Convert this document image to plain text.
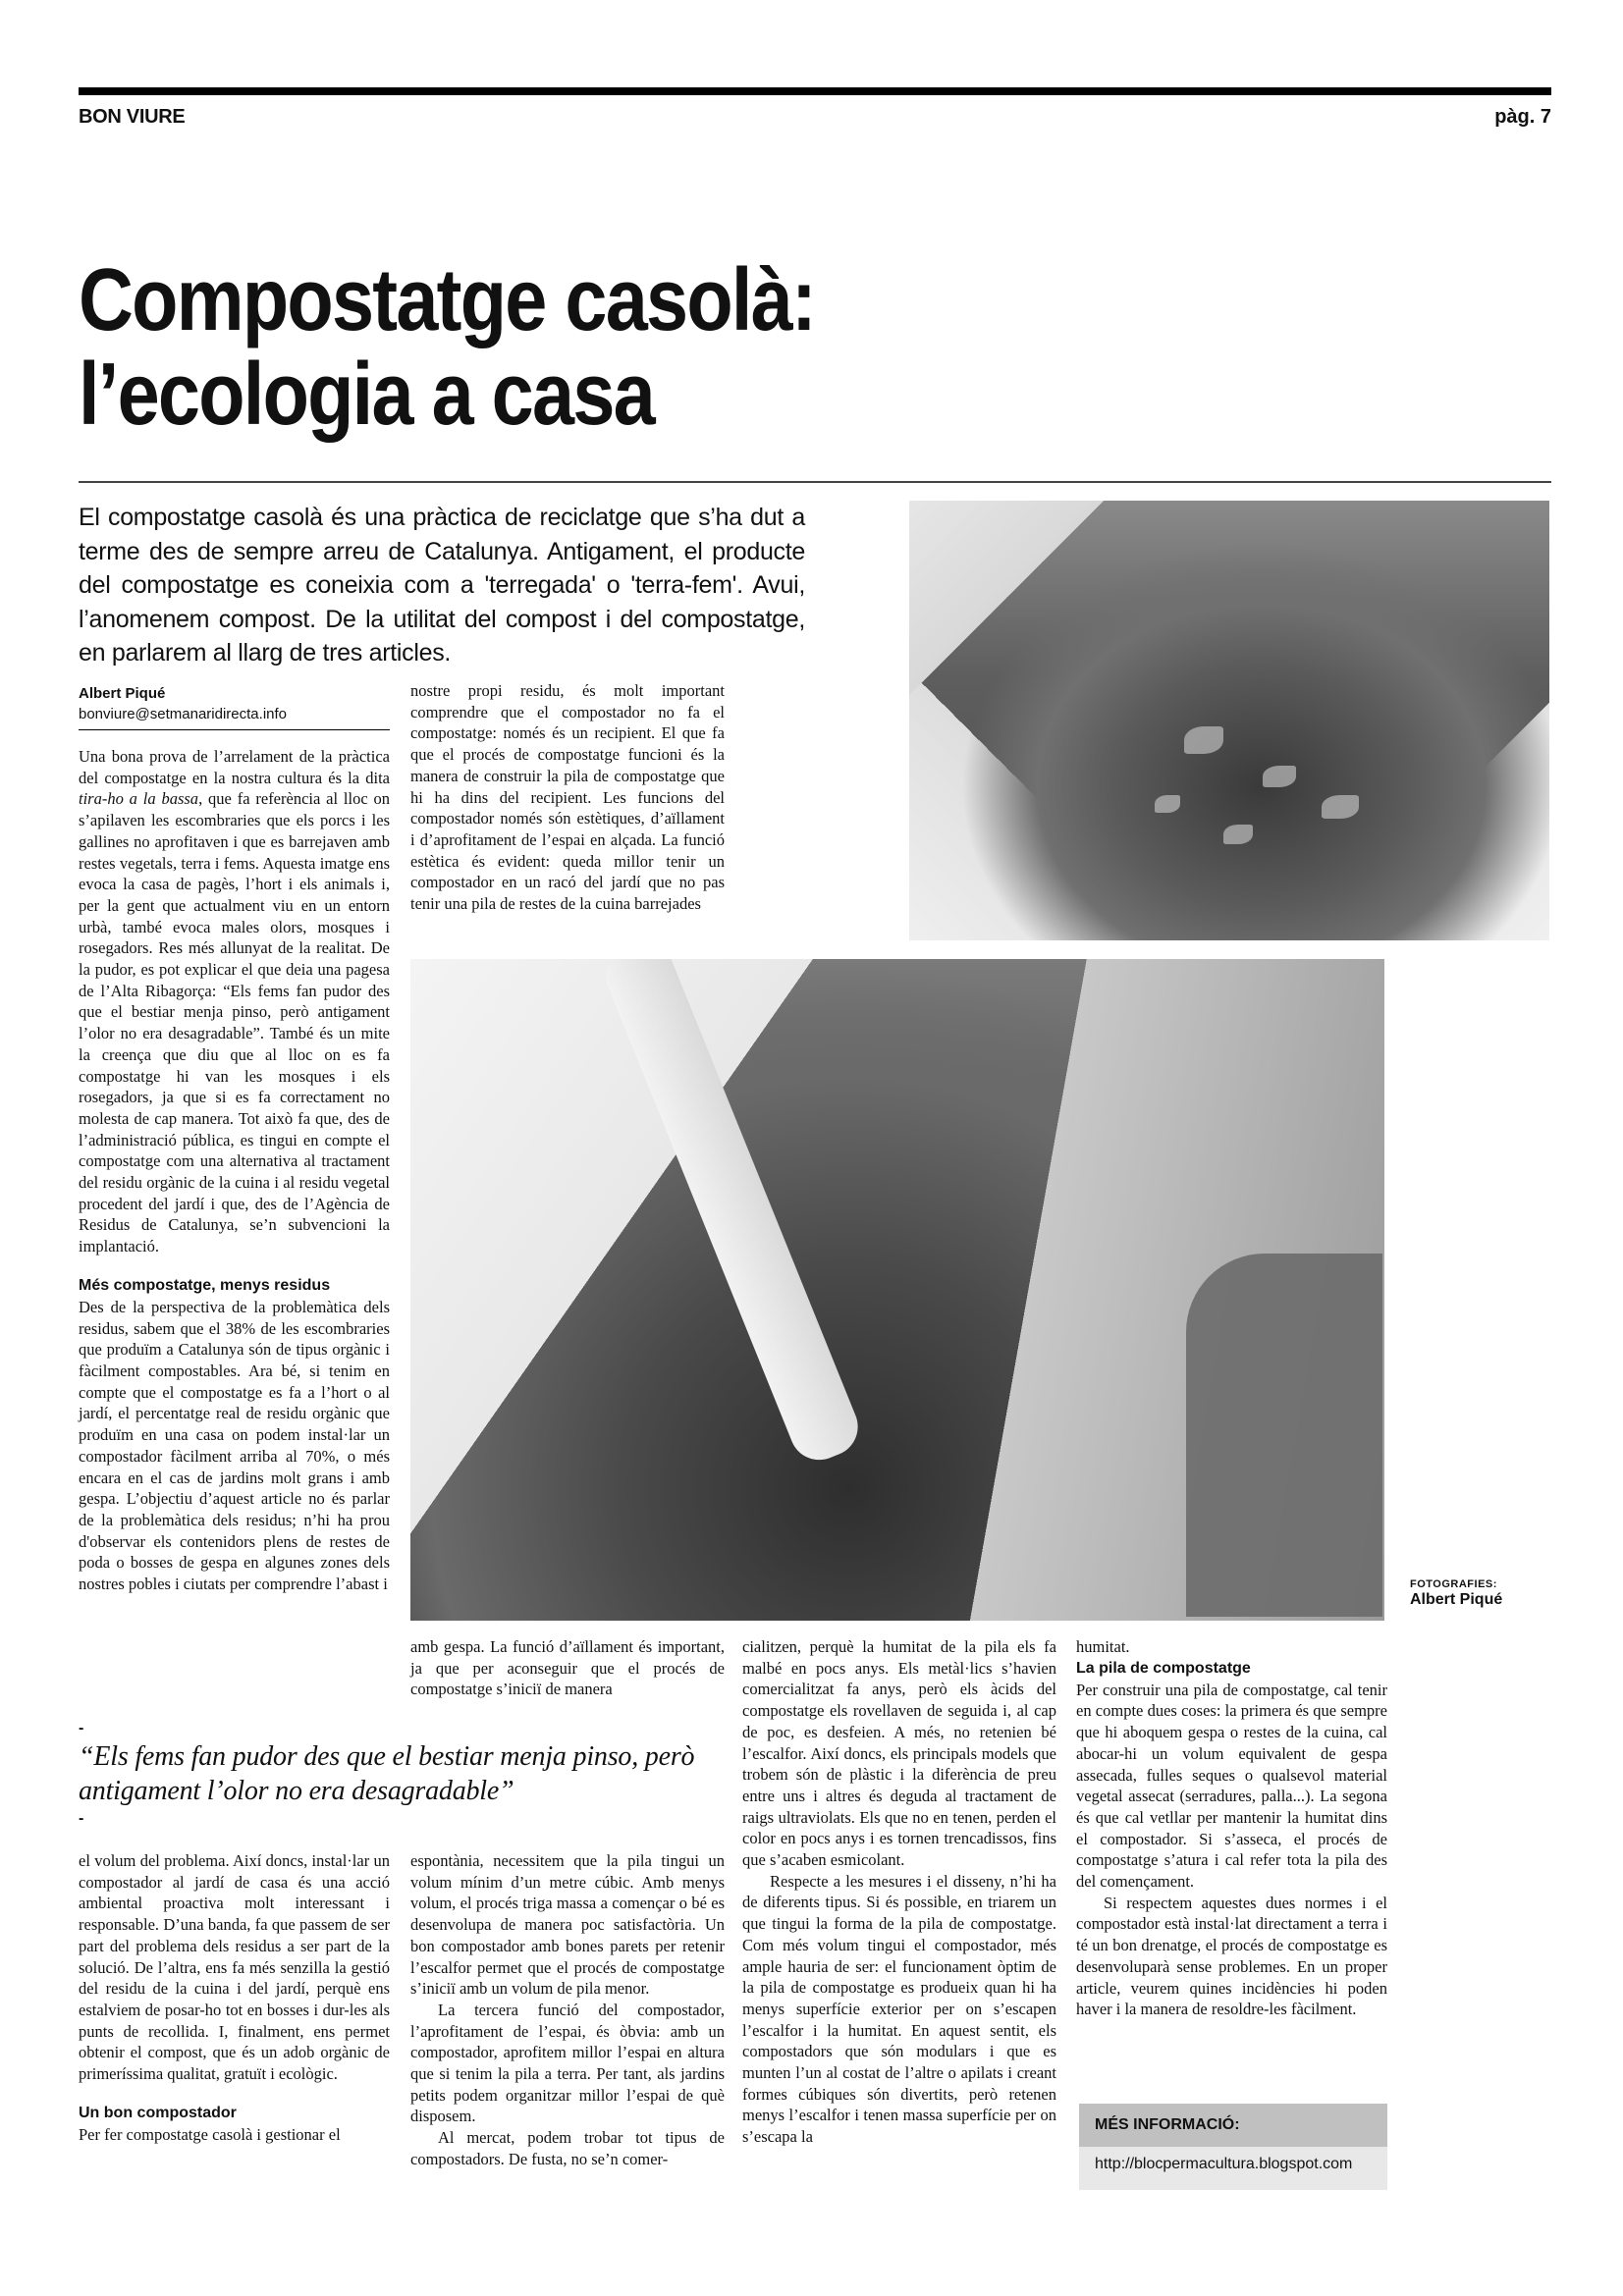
BON VIURE	pàg. 7
Compostatge casolà:
l’ecologia a casa

El compostatge casolà és una pràctica de reciclatge que s’ha dut a terme des de sempre arreu de Catalunya. Antigament, el producte del compostatge es coneixia com a 'terregada' o 'terra-fem'. Avui, l’anomenem compost. De la utilitat del compost i del compostatge, en parlarem al llarg de tres articles.

Albert Piqué
bonviure@setmanaridirecta.info

Una bona prova de l’arrelament de la pràctica del compostatge en la nostra cultura és la dita tira-ho a la bassa, que fa referència al lloc on s’apilaven les escombraries que els porcs i les gallines no aprofitaven i que es barrejaven amb restes vegetals, terra i fems. Aquesta imatge ens evoca la casa de pagès, l’hort i els animals i, per la gent que actualment viu en un entorn urbà, també evoca males olors, mosques i rosegadors. Res més allunyat de la realitat. De la pudor, es pot explicar el que deia una pagesa de l’Alta Ribagorça: “Els fems fan pudor des que el bestiar menja pinso, però antigament l’olor no era desagradable”. També és un mite la creença que diu que al lloc on es fa compostatge hi van les mosques i els rosegadors, ja que si es fa correctament no molesta de cap manera. Tot això fa que, des de l’administració pública, es tingui en compte el compostatge com una alternativa al tractament del residu orgànic de la cuina i al residu vegetal procedent del jardí i que, des de l’Agència de Residus de Catalunya, se’n subvencioni la implantació.

Més compostatge, menys residus

Des de la perspectiva de la problemàtica dels residus, sabem que el 38% de les escombraries que produïm a Catalunya són de tipus orgànic i fàcilment compostables. Ara bé, si tenim en compte que el compostatge es fa a l’hort o al jardí, el percentatge real de residu orgànic que produïm en una casa on podem instal·lar un compostador fàcilment arriba al 70%, o més encara en el cas de jardins molt grans i amb gespa. L’objectiu d’aquest article no és parlar de la problemàtica dels residus; n’hi ha prou d'observar els contenidors plens de restes de poda o bosses de gespa en algunes zones dels nostres pobles i ciutats per comprendre l’abast i

nostre propi residu, és molt important comprendre que el compostador no fa el compostatge: només és un recipient. El que fa que el procés de compostatge funcioni és la manera de construir la pila de compostatge que hi ha dins del recipient. Les funcions del compostador només són estètiques, d’aïllament i d’aprofitament de l’espai en alçada. La funció estètica és evident: queda millor tenir un compostador en un racó del jardí que no pas tenir una pila de restes de la cuina barrejades

FOTOGRAFIES:
Albert Piqué

amb gespa. La funció d’aïllament és important, ja que per aconseguir que el procés de compostatge s’iniciï de manera

cialitzen, perquè la humitat de la pila els fa malbé en pocs anys. Els metàl·lics s’havien comercialitzat fa anys, però els àcids del compostatge els rovellaven de seguida i, al cap de poc, es desfeien. A més, no retenien bé l’escalfor. Així doncs, els principals models que trobem són de plàstic i la diferència de preu entre uns i altres és deguda al tractament de raigs ultraviolats. Els que no en tenen, perden el color en pocs anys i es tornen trencadissos, fins que s’acaben esmicolant.

Respecte a les mesures i el disseny, n’hi ha de diferents tipus. Si és possible, en triarem un que tingui la forma de la pila de compostatge. Com més volum tingui el compostador, més ample hauria de ser: el funcionament òptim de la pila de compostatge es produeix quan hi ha menys superfície exterior per on s’escapen l’escalfor i la humitat. En aquest sentit, els compostadors que són modulars i que es munten l’un al costat de l’altre o apilats i creant formes cúbiques són divertits, però retenen menys l’escalfor i tenen massa superfície per on s’escapa la

humitat.

La pila de compostatge

Per construir una pila de compostatge, cal tenir en compte dues coses: la primera és que sempre que hi aboquem gespa o restes de la cuina, cal abocar-hi un volum equivalent de gespa assecada, fulles seques o qualsevol material vegetal assecat (serradures, palla...). La segona és que cal vetllar per mantenir la humitat dins el compostador. Si s’asseca, el procés de compostatge s’atura i cal refer tota la pila des del començament.

Si respectem aquestes dues normes i el compostador està instal·lat directament a terra i té un bon drenatge, el procés de compostatge es desenvoluparà sense problemes. En un proper article, veurem quines incidències hi poden haver i la manera de resoldre-les fàcilment.

-
“Els fems fan pudor des que el bestiar menja pinso, però antigament l’olor no era desagradable”
-

el volum del problema. Així doncs, instal·lar un compostador al jardí de casa és una acció ambiental proactiva molt interessant i responsable. D’una banda, fa que passem de ser part del problema dels residus a ser part de la solució. De l’altra, ens fa més senzilla la gestió del residu de la cuina i del jardí, perquè ens estalviem de posar-ho tot en bosses i dur-les als punts de recollida. I, finalment, ens permet obtenir el compost, que és un adob orgànic de primeríssima qualitat, gratuït i ecològic.

Un bon compostador

Per fer compostatge casolà i gestionar el

espontània, necessitem que la pila tingui un volum mínim d’un metre cúbic. Amb menys volum, el procés triga massa a començar o bé es desenvolupa de manera poc satisfactòria. Un bon compostador amb bones parets per retenir l’escalfor permet que el procés de compostatge s’iniciï amb un volum de pila menor.

La tercera funció del compostador, l’aprofitament de l’espai, és òbvia: amb un compostador, aprofitem millor l’espai en altura que si tenim la pila a terra. Per tant, als jardins petits podem organitzar millor l’espai de què disposem.

Al mercat, podem trobar tot tipus de compostadors. De fusta, no se’n comer-

MÉS INFORMACIÓ:
http://blocpermacultura.blogspot.com
